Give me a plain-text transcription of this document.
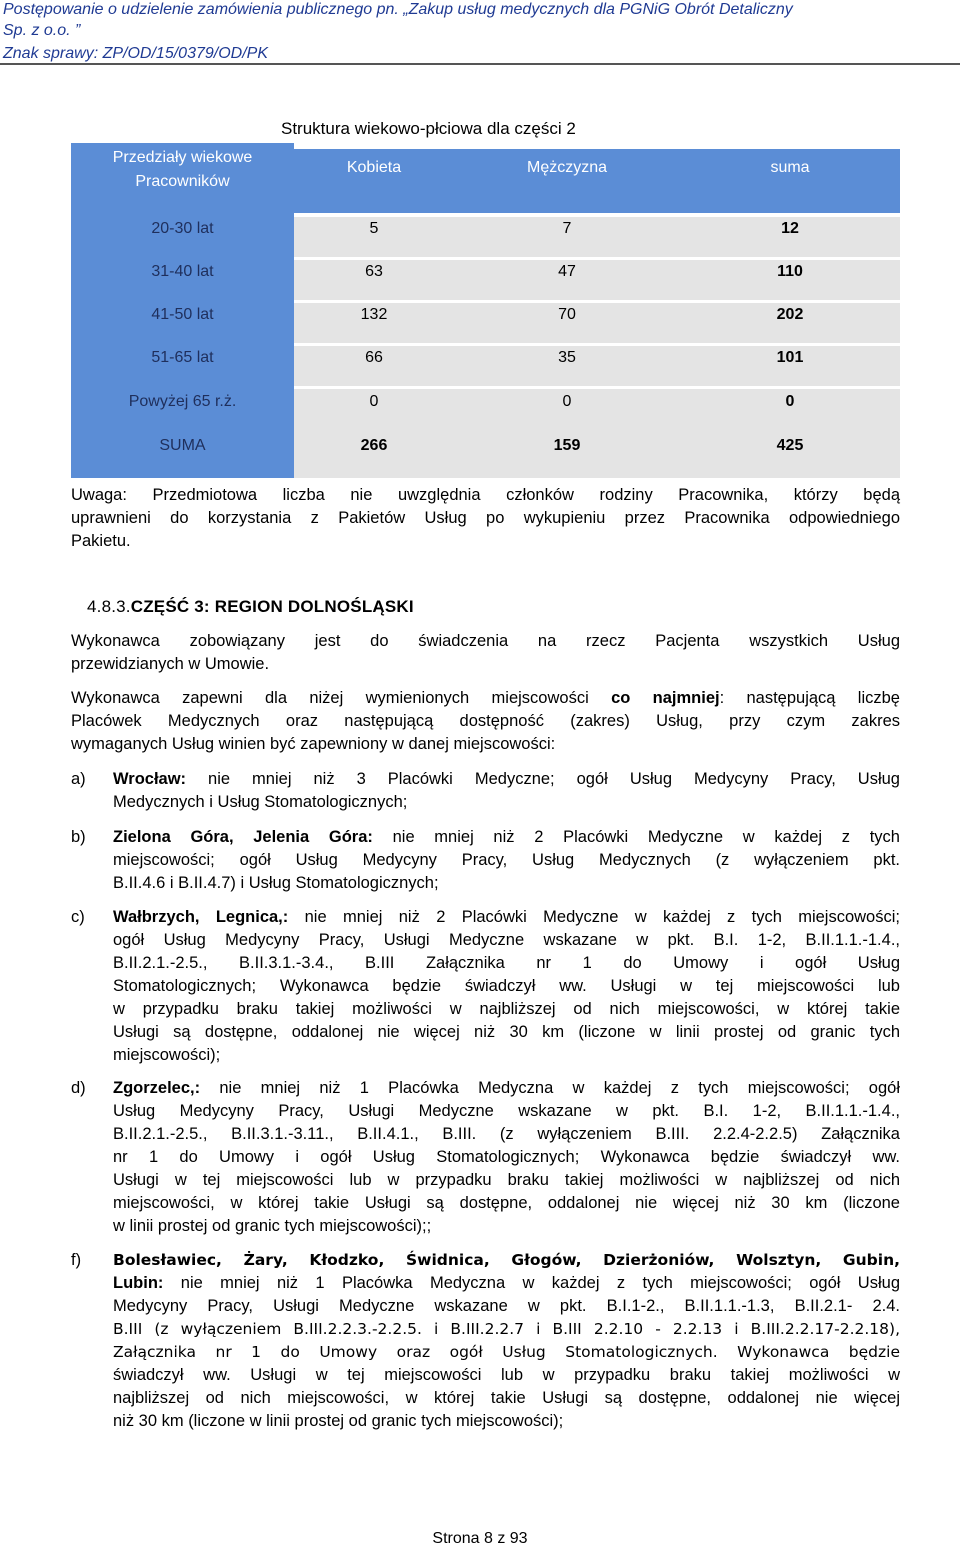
Postępowanie o udzielenie zamówienia publicznego pn. „Zakup usług medycznych dla PGNiG Obrót Detaliczny
Sp. z o.o. ”
Znak sprawy: ZP/OD/15/0379/OD/PK
Struktura wiekowo-płciowa dla części 2
Przedziały wiekowe
Pracowników
Kobieta	Mężczyzna	suma
20-30 lat	5	7	12
31-40 lat	63	47	110
41-50 lat	132	70	202
51-65 lat	66	35	101
Powyżej 65 r.ż.	0	0	0
SUMA	266	159	425
Uwaga: Przedmiotowa liczba nie uwzględnia członków rodziny Pracownika, którzy będą
uprawnieni do korzystania z Pakietów Usług po wykupieniu przez Pracownika odpowiedniego
Pakietu.
4.8.3.CZĘŚĆ 3: REGION DOLNOŚLĄSKI
Wykonawca zobowiązany jest do świadczenia na rzecz Pacjenta wszystkich Usług
przewidzianych w Umowie.
Wykonawca zapewni dla niżej wymienionych miejscowości co najmniej: następującą liczbę
Placówek Medycznych oraz następującą dostępność (zakres) Usług, przy czym zakres
wymaganych Usług winien być zapewniony w danej miejscowości:
a)	Wrocław: nie mniej niż 3 Placówki Medyczne; ogół Usług Medycyny Pracy, Usług
Medycznych i Usług Stomatologicznych;
b)	Zielona Góra, Jelenia Góra: nie mniej niż 2 Placówki Medyczne w każdej z tych
miejscowości; ogół Usług Medycyny Pracy, Usług Medycznych (z wyłączeniem pkt.
B.II.4.6 i B.II.4.7) i Usług Stomatologicznych;
c)	Wałbrzych, Legnica,: nie mniej niż 2 Placówki Medyczne w każdej z tych miejscowości;
ogół Usług Medycyny Pracy, Usługi Medyczne wskazane w pkt. B.I. 1-2, B.II.1.1.-1.4.,
B.II.2.1.-2.5., B.II.3.1.-3.4., B.III Załącznika nr 1 do Umowy i ogół Usług
Stomatologicznych; Wykonawca będzie świadczył ww. Usługi w tej miejscowości lub
w przypadku braku takiej możliwości w najbliższej od nich miejscowości, w której takie
Usługi są dostępne, oddalonej nie więcej niż 30 km (liczone w linii prostej od granic tych
miejscowości);
d)	Zgorzelec,: nie mniej niż 1 Placówka Medyczna w każdej z tych miejscowości; ogół
Usług Medycyny Pracy, Usługi Medyczne wskazane w pkt. B.I. 1-2, B.II.1.1.-1.4.,
B.II.2.1.-2.5., B.II.3.1.-3.11., B.II.4.1., B.III. (z wyłączeniem B.III. 2.2.4-2.2.5) Załącznika
nr 1 do Umowy i ogół Usług Stomatologicznych; Wykonawca będzie świadczył ww.
Usługi w tej miejscowości lub w przypadku braku takiej możliwości w najbliższej od nich
miejscowości, w której takie Usługi są dostępne, oddalonej nie więcej niż 30 km (liczone
w linii prostej od granic tych miejscowości);;
f)	Bolesławiec, Żary, Kłodzko, Świdnica, Głogów, Dzierżoniów, Wolsztyn, Gubin,
Lubin: nie mniej niż 1 Placówka Medyczna w każdej z tych miejscowości; ogół Usług
Medycyny Pracy, Usługi Medyczne wskazane w pkt. B.I.1-2., B.II.1.1.-1.3, B.II.2.1- 2.4.
B.III (z wyłączeniem B.III.2.2.3.-2.2.5. i B.III.2.2.7 i B.III 2.2.10 - 2.2.13 i B.III.2.2.17-2.2.18),
Załącznika nr 1 do Umowy oraz ogół Usług Stomatologicznych. Wykonawca będzie
świadczył ww. Usługi w tej miejscowości lub w przypadku braku takiej możliwości w
najbliższej od nich miejscowości, w której takie Usługi są dostępne, oddalonej nie więcej
niż 30 km (liczone w linii prostej od granic tych miejscowości);
Strona 8 z 93
